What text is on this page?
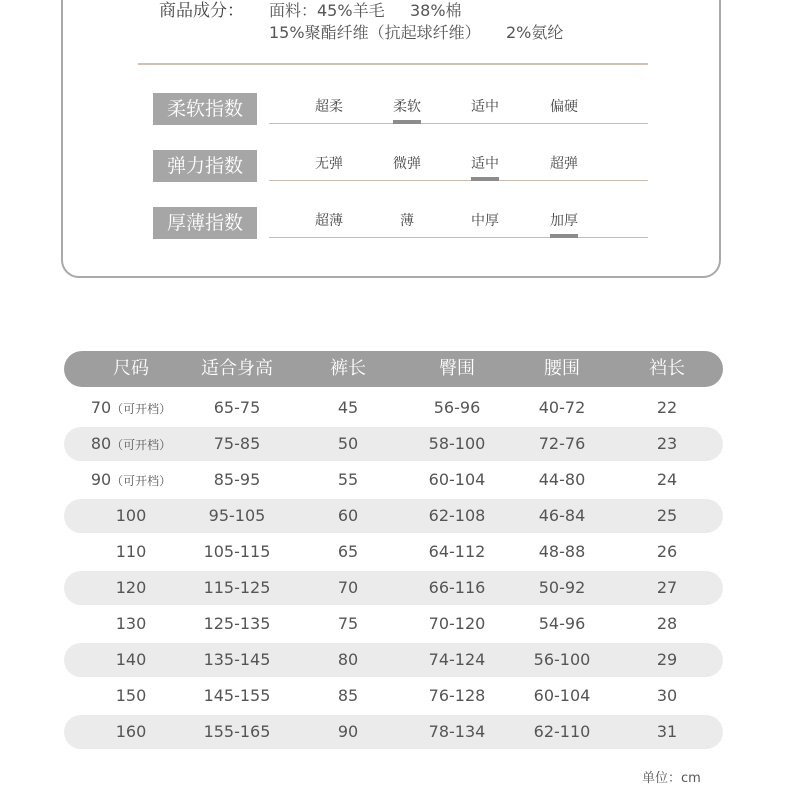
商品成分： 面料：45%羊毛     38%棉
15%聚酯纤维（抗起球纤维）     2%氨纶
柔软指数	超柔	柔软	适中	偏硬
弹力指数	无弹	微弹	适中	超弹
厚薄指数	超薄	薄	中厚	加厚
尺码	适合身高	裤长	臀围	腰围	裆长
70（可开档）	65-75	45	56-96	40-72	22
80（可开档）	75-85	50	58-100	72-76	23
90（可开档）	85-95	55	60-104	44-80	24
100	95-105	60	62-108	46-84	25
110	105-115	65	64-112	48-88	26
120	115-125	70	66-116	50-92	27
130	125-135	75	70-120	54-96	28
140	135-145	80	74-124	56-100	29
150	145-155	85	76-128	60-104	30
160	155-165	90	78-134	62-110	31
单位：cm
